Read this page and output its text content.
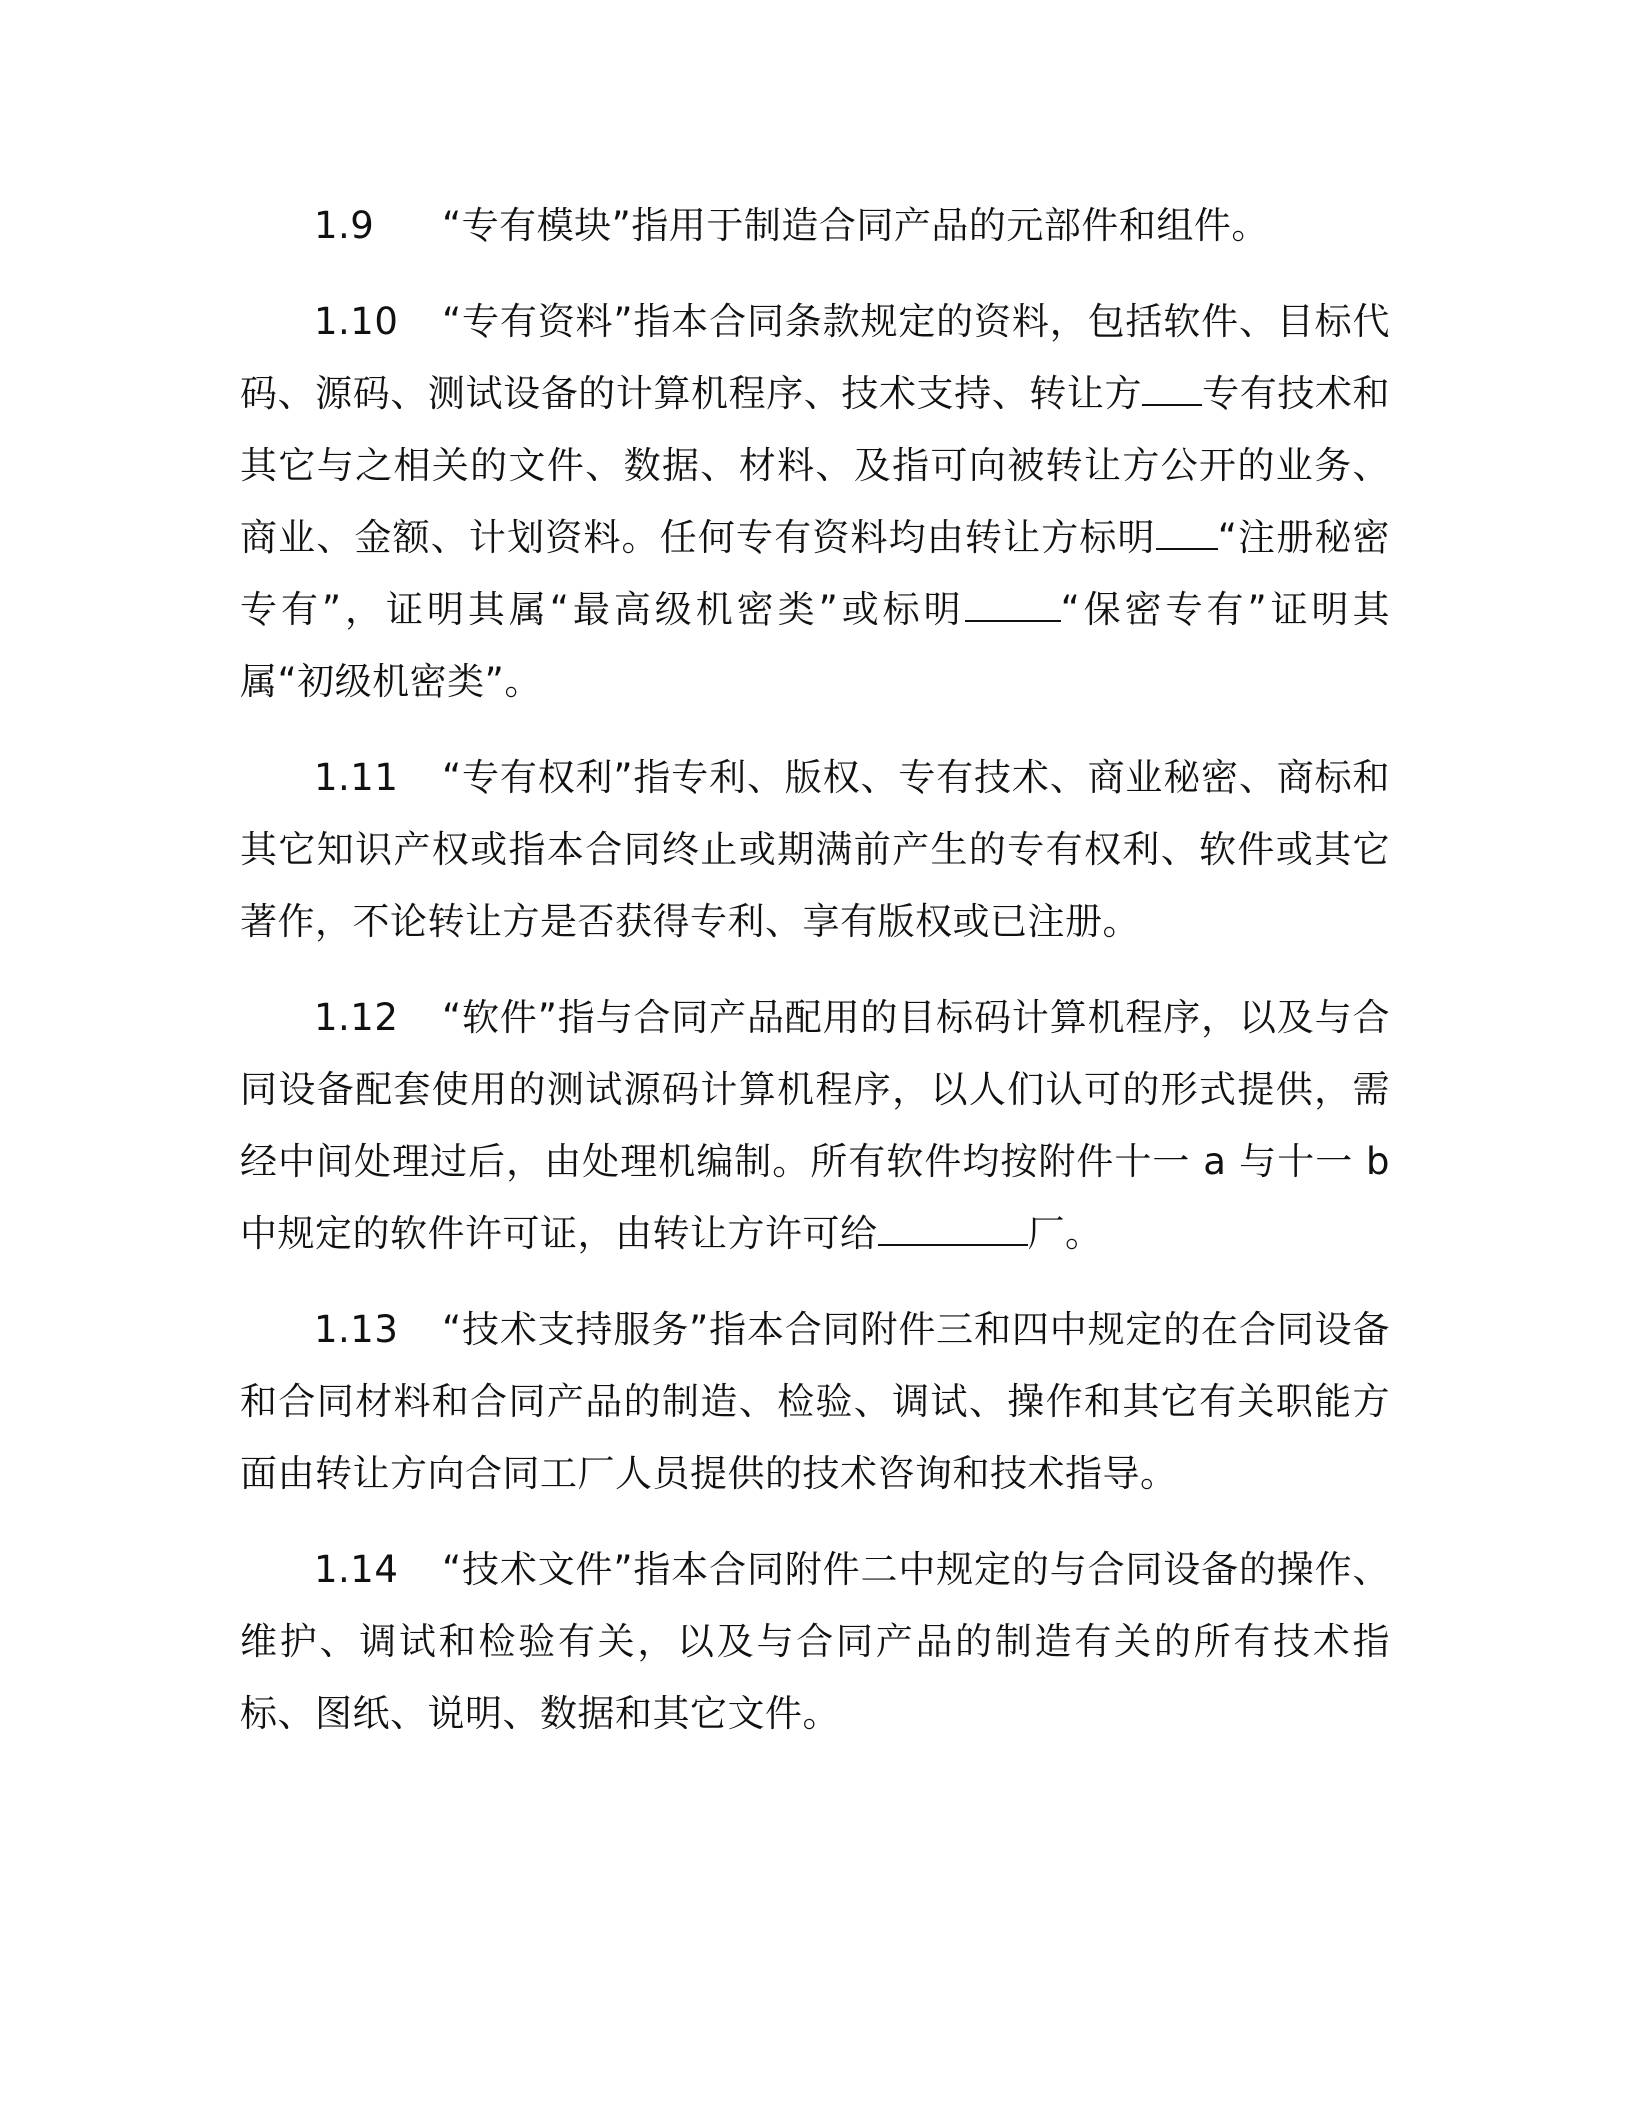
1.9 “专有模块”指用于制造合同产品的元部件和组件。

1.10 “专有资料”指本合同条款规定的资料，包括软件、目标代码、源码、测试设备的计算机程序、技术支持、转让方 专有技术和其它与之相关的文件、数据、材料、及指可向被转让方公开的业务、商业、金额、计划资料。任何专有资料均由转让方标明 “注册秘密专有”，证明其属“最高级机密类”或标明	“保密专有”证明其属“初级机密类”。

1.11 “专有权利”指专利、版权、专有技术、商业秘密、商标和其它知识产权或指本合同终止或期满前产生的专有权利、软件或其它著作，不论转让方是否获得专利、享有版权或已注册。

1.12 “软件”指与合同产品配用的目标码计算机程序，以及与合同设备配套使用的测试源码计算机程序，以人们认可的形式提供，需经中间处理过后，由处理机编制。所有软件均按附件十一 a 与十一 b 中规定的软件许可证，由转让方许可给	厂。

1.13 “技术支持服务”指本合同附件三和四中规定的在合同设备和合同材料和合同产品的制造、检验、调试、操作和其它有关职能方面由转让方向合同工厂人员提供的技术咨询和技术指导。

1.14 “技术文件”指本合同附件二中规定的与合同设备的操作、维护、调试和检验有关，以及与合同产品的制造有关的所有技术指标、图纸、说明、数据和其它文件。
